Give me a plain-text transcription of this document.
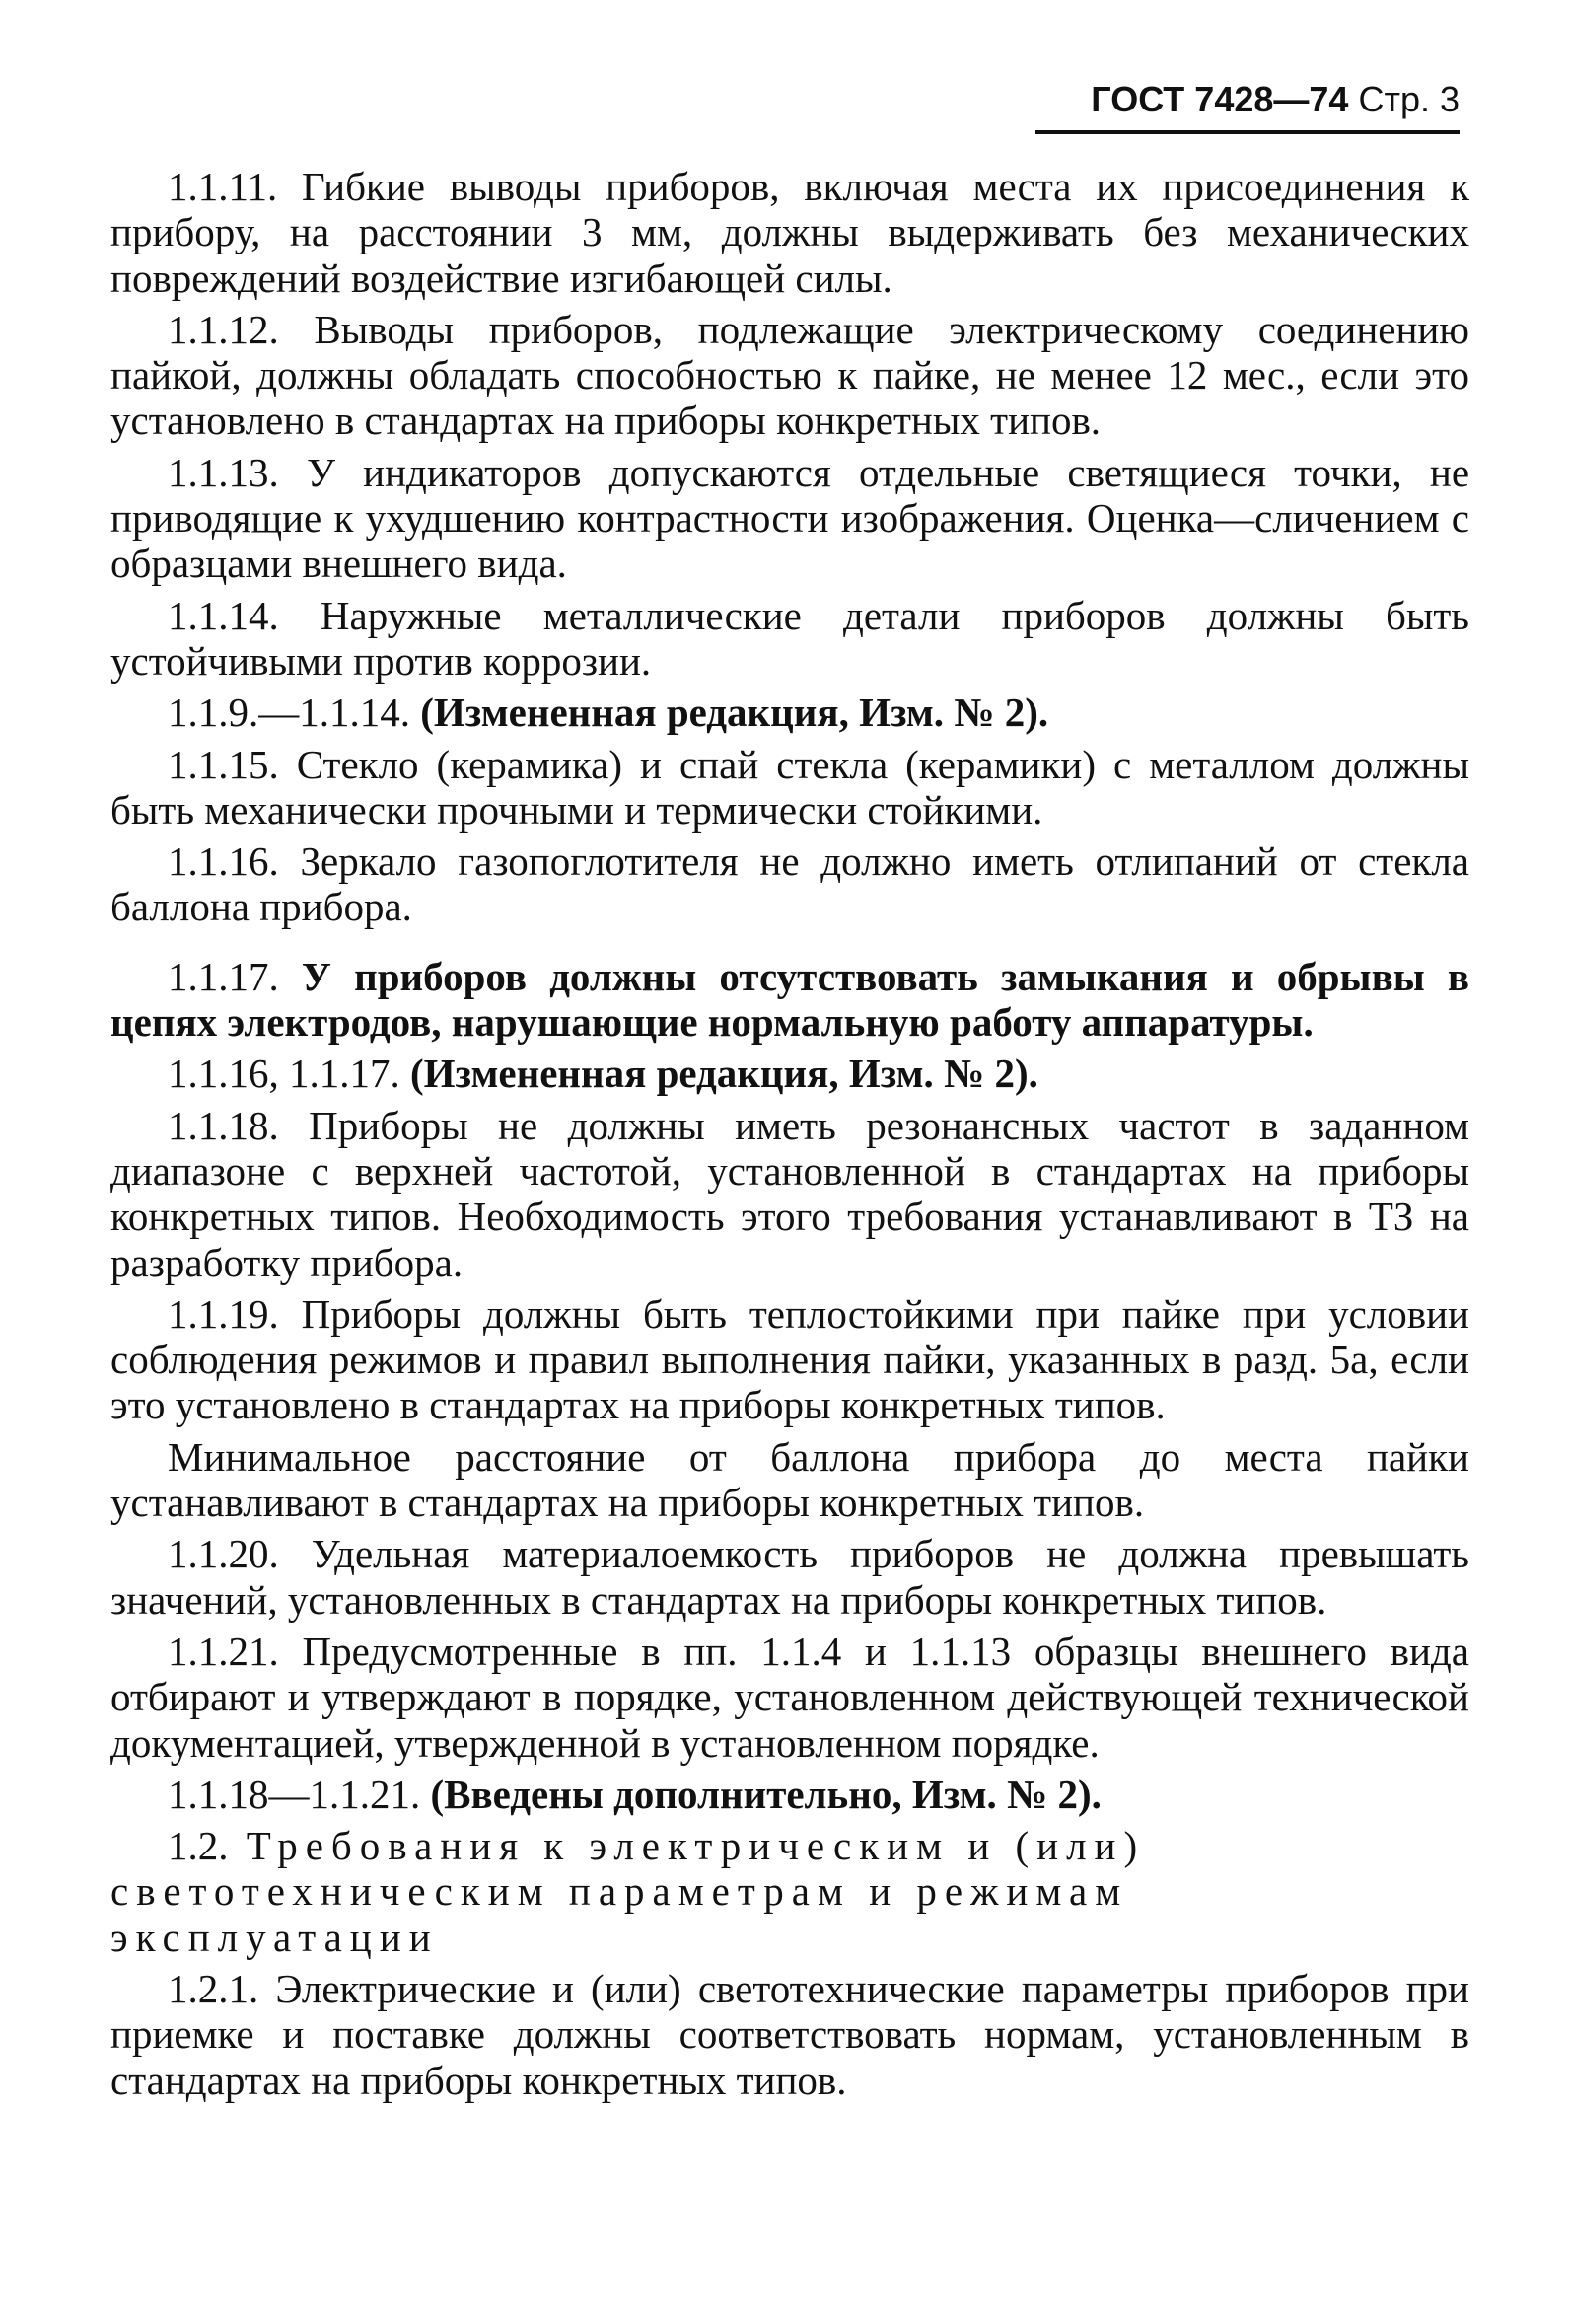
ГОСТ 7428—74 Стр. 3

1.1.11. Гибкие выводы приборов, включая места их присоединения к прибору, на расстоянии 3 мм, должны выдерживать без механических повреждений воздействие изгибающей силы.

1.1.12. Выводы приборов, подлежащие электрическому соединению пайкой, должны обладать способностью к пайке, не менее 12 мес., если это установлено в стандартах на приборы конкретных типов.

1.1.13. У индикаторов допускаются отдельные светящиеся точки, не приводящие к ухудшению контрастности изображения. Оценка—сличением с образцами внешнего вида.

1.1.14. Наружные металлические детали приборов должны быть устойчивыми против коррозии.

1.1.9.—1.1.14. (Измененная редакция, Изм. № 2).

1.1.15. Стекло (керамика) и спай стекла (керамики) с металлом должны быть механически прочными и термически стойкими.

1.1.16. Зеркало газопоглотителя не должно иметь отлипаний от стекла баллона прибора.

1.1.17. У приборов должны отсутствовать замыкания и обрывы в цепях электродов, нарушающие нормальную работу аппаратуры.

1.1.16, 1.1.17. (Измененная редакция, Изм. № 2).

1.1.18. Приборы не должны иметь резонансных частот в заданном диапазоне с верхней частотой, установленной в стандартах на приборы конкретных типов. Необходимость этого требования устанавливают в ТЗ на разработку прибора.

1.1.19. Приборы должны быть теплостойкими при пайке при условии соблюдения режимов и правил выполнения пайки, указанных в разд. 5а, если это установлено в стандартах на приборы конкретных типов.

Минимальное расстояние от баллона прибора до места пайки устанавливают в стандартах на приборы конкретных типов.

1.1.20. Удельная материалоемкость приборов не должна превышать значений, установленных в стандартах на приборы конкретных типов.

1.1.21. Предусмотренные в пп. 1.1.4 и 1.1.13 образцы внешнего вида отбирают и утверждают в порядке, установленном действующей технической документацией, утвержденной в установленном порядке.

1.1.18—1.1.21. (Введены дополнительно, Изм. № 2).

1.2. Требования к электрическим и (или) светотехническим параметрам и режимам эксплуатации

1.2.1. Электрические и (или) светотехнические параметры приборов при приемке и поставке должны соответствовать нормам, установленным в стандартах на приборы конкретных типов.
